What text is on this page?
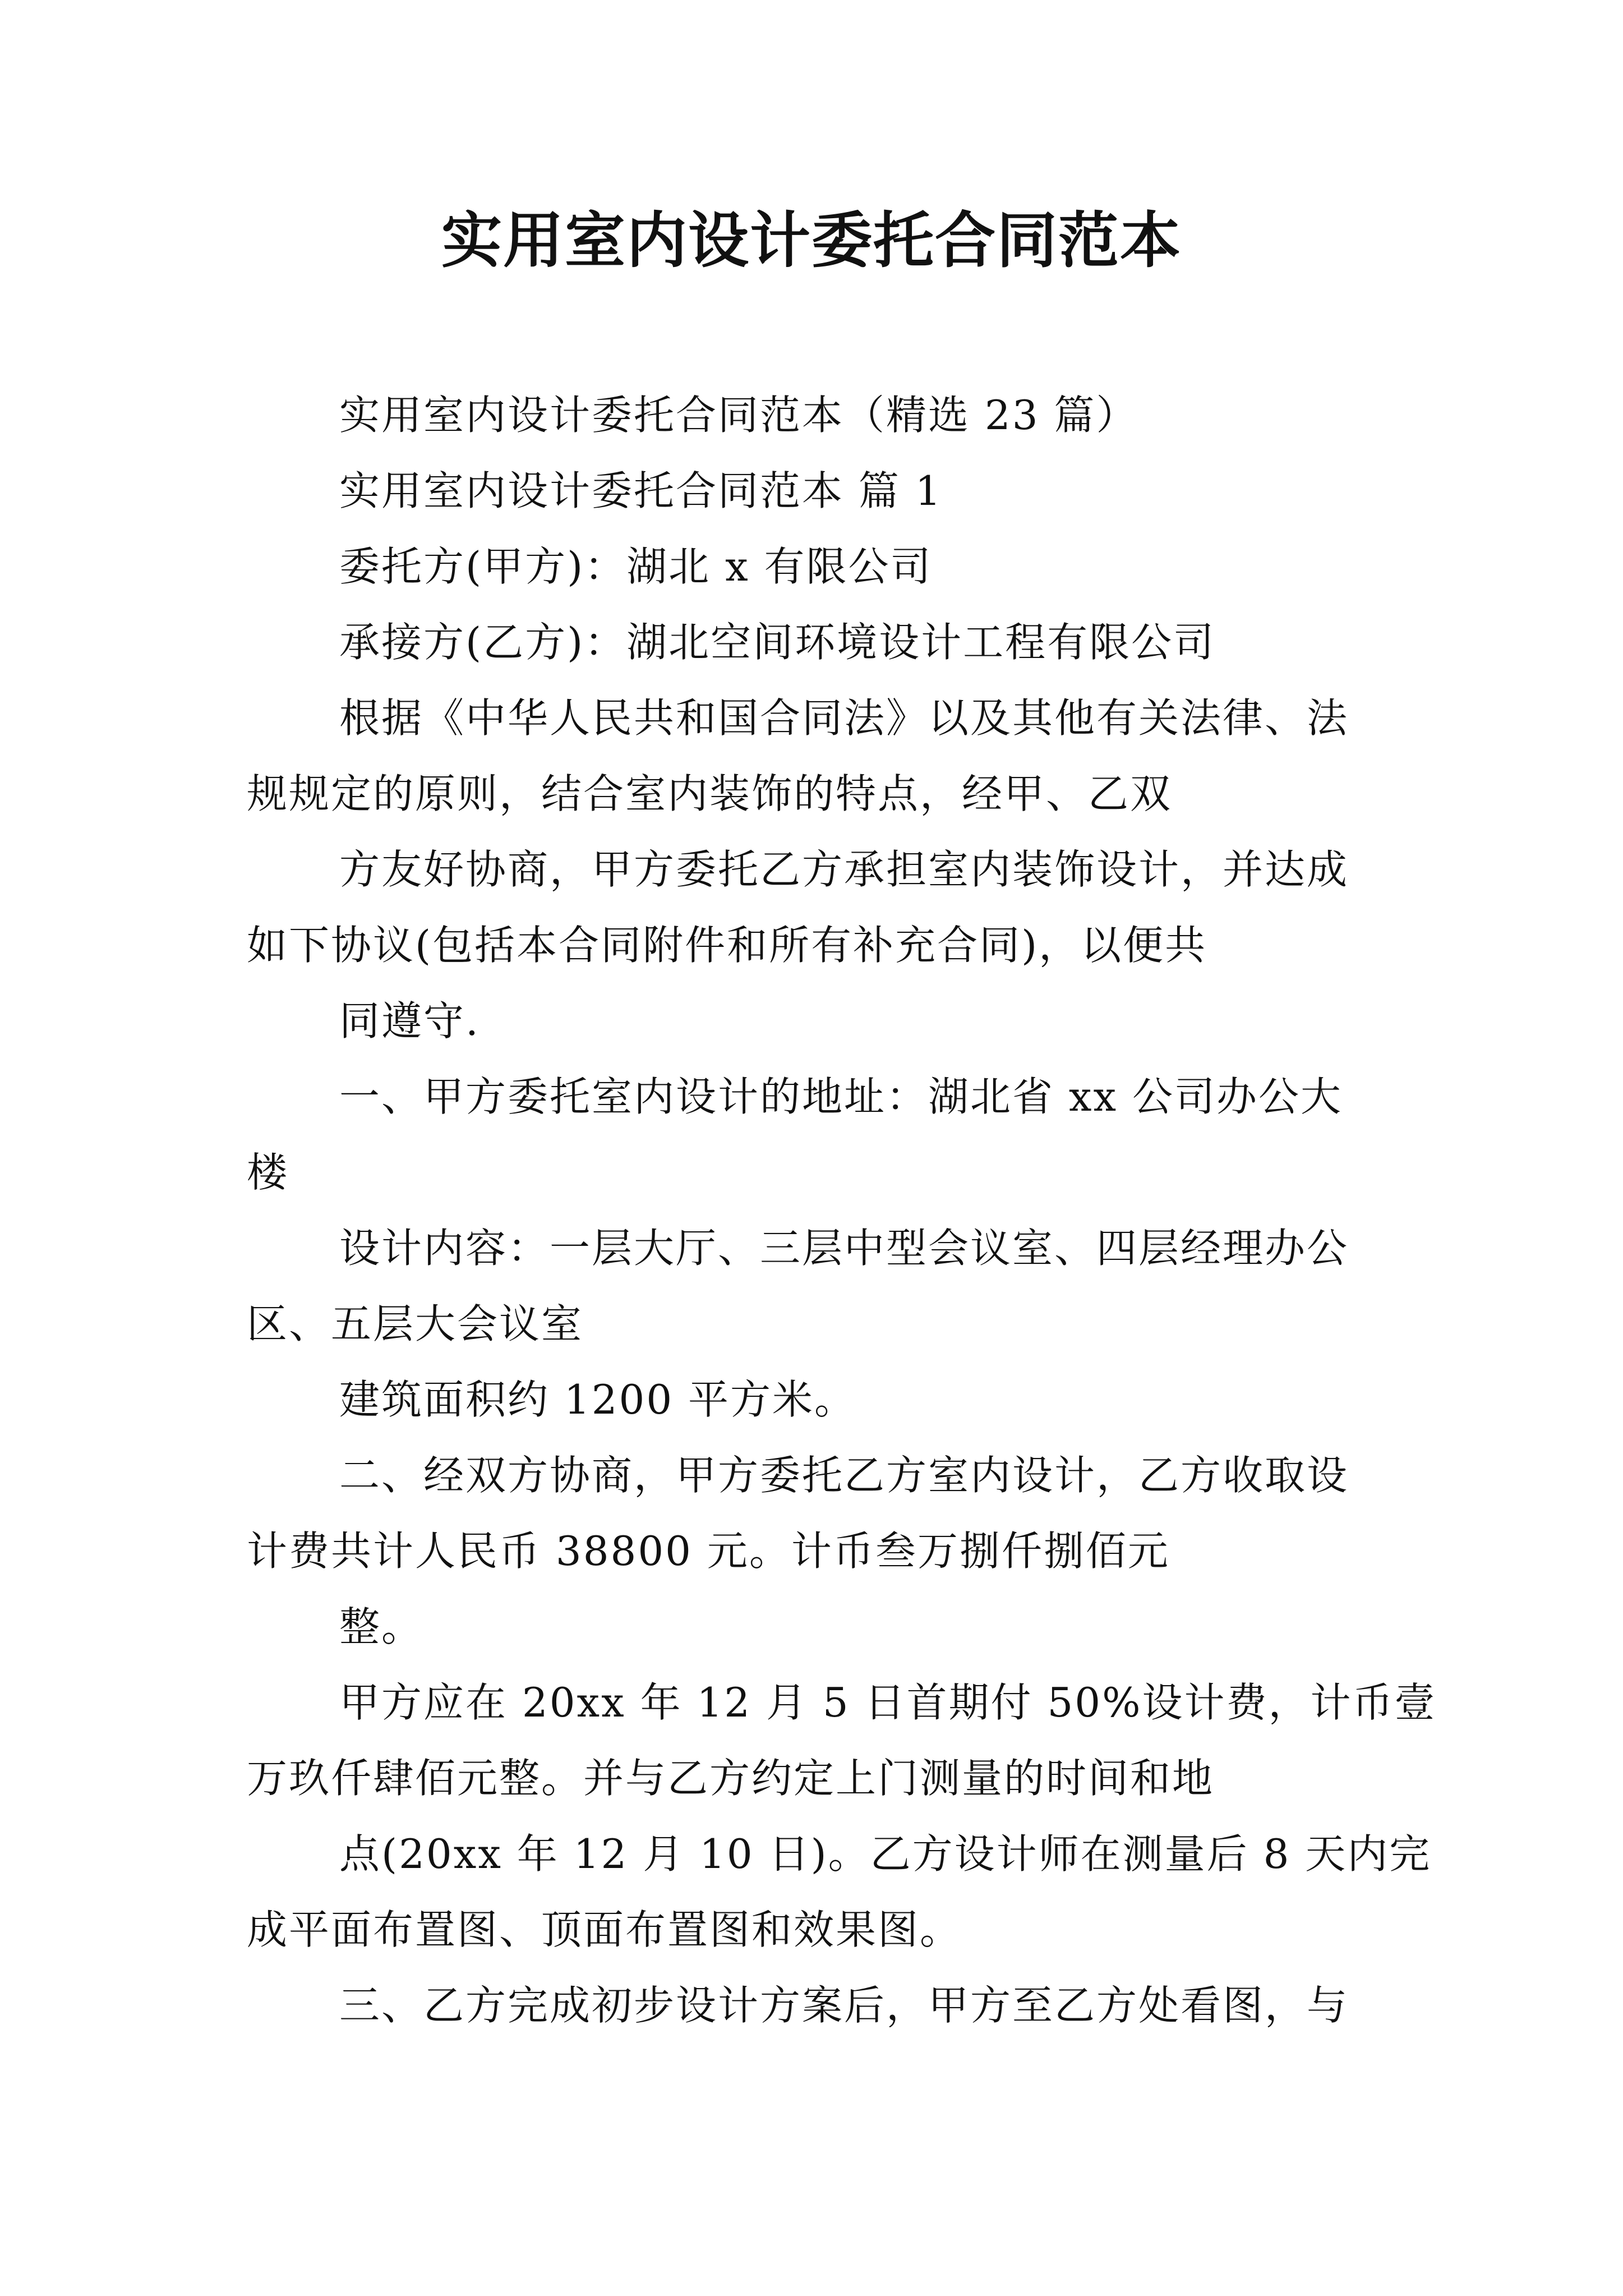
实用室内设计委托合同范本
实用室内设计委托合同范本（精选 23 篇）
实用室内设计委托合同范本 篇 1
委托方(甲方)：湖北 x 有限公司
承接方(乙方)：湖北空间环境设计工程有限公司
根据《中华人民共和国合同法》以及其他有关法律、法
规规定的原则，结合室内装饰的特点，经甲、乙双
方友好协商，甲方委托乙方承担室内装饰设计，并达成
如下协议(包括本合同附件和所有补充合同)，以便共
同遵守.
一、甲方委托室内设计的地址：湖北省 xx 公司办公大
楼
设计内容：一层大厅、三层中型会议室、四层经理办公
区、五层大会议室
建筑面积约 1200 平方米。
二、经双方协商，甲方委托乙方室内设计，乙方收取设
计费共计人民币 38800 元。计币叁万捌仟捌佰元
整。
甲方应在 20xx 年 12 月 5 日首期付 50%设计费，计币壹
万玖仟肆佰元整。并与乙方约定上门测量的时间和地
点(20xx 年 12 月 10 日)。乙方设计师在测量后 8 天内完
成平面布置图、顶面布置图和效果图。
三、乙方完成初步设计方案后，甲方至乙方处看图，与
